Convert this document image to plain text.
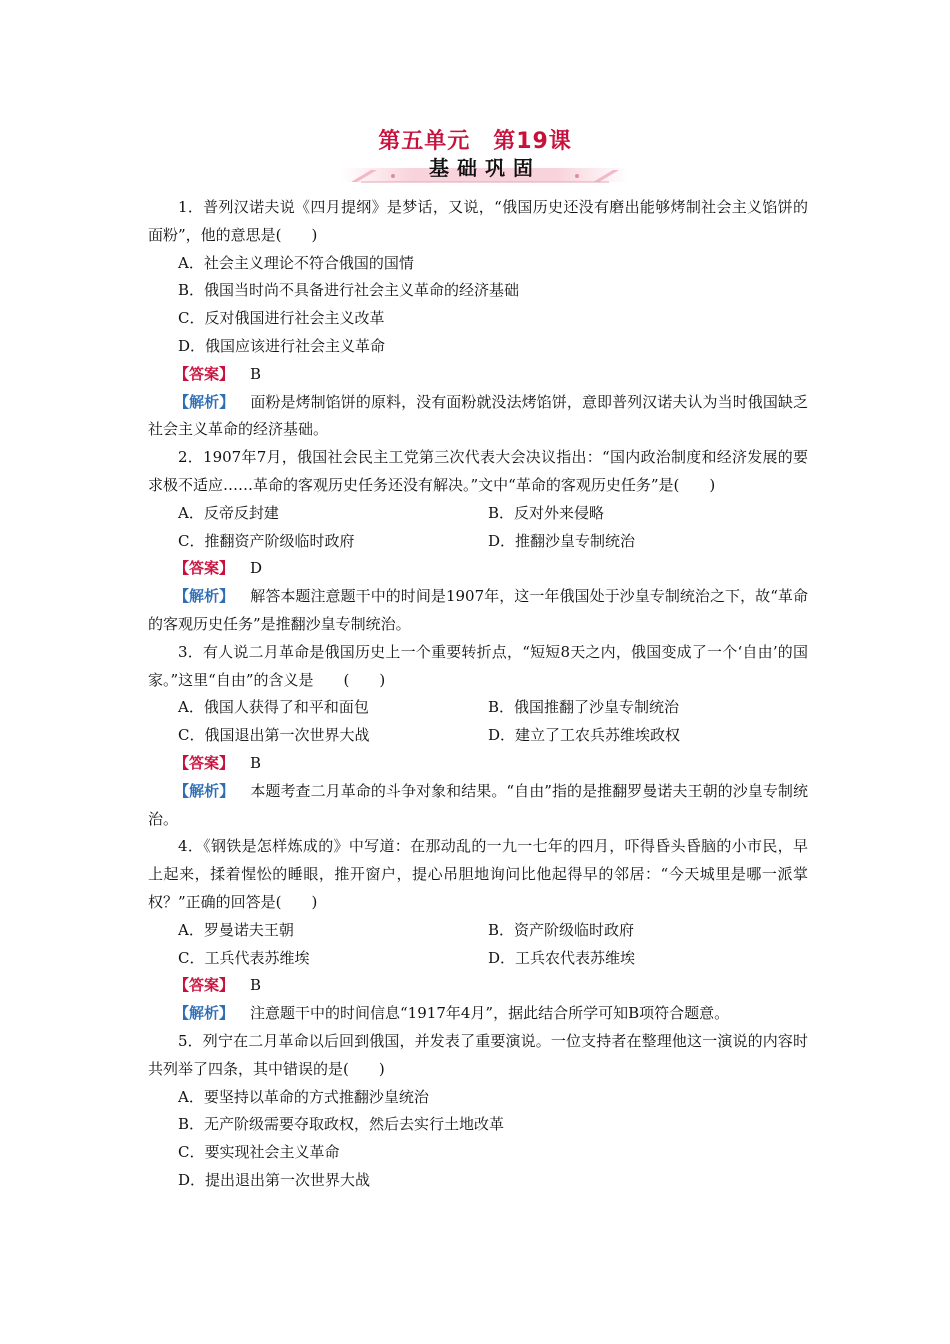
第五单元　第19课
基础巩固

1．普列汉诺夫说《四月提纲》是梦话，又说，“俄国历史还没有磨出能够烤制社会主义馅饼的面粉”，他的意思是(　　)

A．社会主义理论不符合俄国的国情

B．俄国当时尚不具备进行社会主义革命的经济基础

C．反对俄国进行社会主义改革

D．俄国应该进行社会主义革命

【答案】 B

【解析】 面粉是烤制馅饼的原料，没有面粉就没法烤馅饼，意即普列汉诺夫认为当时俄国缺乏社会主义革命的经济基础。

2．1907年7月，俄国社会民主工党第三次代表大会决议指出：“国内政治制度和经济发展的要求极不适应……革命的客观历史任务还没有解决。”文中“革命的客观历史任务”是(　　)

A．反帝反封建	B．反对外来侵略
C．推翻资产阶级临时政府	D．推翻沙皇专制统治

【答案】 D

【解析】 解答本题注意题干中的时间是1907年，这一年俄国处于沙皇专制统治之下，故“革命的客观历史任务”是推翻沙皇专制统治。

3．有人说二月革命是俄国历史上一个重要转折点，“短短8天之内，俄国变成了一个‘自由’的国家。”这里“自由”的含义是　　(　　)

A．俄国人获得了和平和面包	B．俄国推翻了沙皇专制统治
C．俄国退出第一次世界大战	D．建立了工农兵苏维埃政权

【答案】 B

【解析】 本题考查二月革命的斗争对象和结果。“自由”指的是推翻罗曼诺夫王朝的沙皇专制统治。

4．《钢铁是怎样炼成的》中写道：在那动乱的一九一七年的四月，吓得昏头昏脑的小市民，早上起来，揉着惺忪的睡眼，推开窗户，提心吊胆地询问比他起得早的邻居：“今天城里是哪一派掌权？”正确的回答是(　　)

A．罗曼诺夫王朝	B．资产阶级临时政府
C．工兵代表苏维埃	D．工兵农代表苏维埃

【答案】 B

【解析】 注意题干中的时间信息“1917年4月”，据此结合所学可知B项符合题意。

5．列宁在二月革命以后回到俄国，并发表了重要演说。一位支持者在整理他这一演说的内容时共列举了四条，其中错误的是(　　)

A．要坚持以革命的方式推翻沙皇统治

B．无产阶级需要夺取政权，然后去实行土地改革

C．要实现社会主义革命

D．提出退出第一次世界大战
